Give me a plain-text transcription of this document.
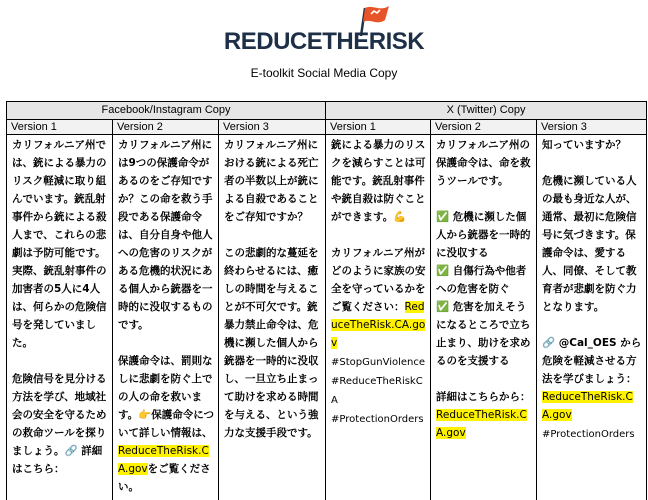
REDUCE THE RISK
E-toolkit Social Media Copy
Facebook/Instagram Copy			X (Twitter) Copy		
Version 1	Version 2	Version 3	Version 1	Version 2	Version 3
カリフォルニア州では、銃による暴力のリスク軽減に取り組んでいます。銃乱射事件から銃による殺人まで、これらの悲劇は予防可能です。実際、銃乱射事件の加害者の5人に4人は、何らかの危険信号を発していました。

危険信号を見分ける方法を学び、地域社会の安全を守るための救命ツールを探りましょう。🔗 詳細はこちら：	カリフォルニア州には9つの保護命令があるのをご存知ですか？この命を救う手段である保護命令は、自分自身や他人への危害のリスクがある危機的状況にある個人から銃器を一時的に没収するものです。

保護命令は、罰則なしに悲劇を防ぐ上での人の命を救います。👉保護命令について詳しい情報は、ReduceTheRisk.CA.govをご覧ください。	カリフォルニア州における銃による死亡者の半数以上が銃による自殺であることをご存知ですか？

この悲劇的な蔓延を終わらせるには、癒しの時間を与えることが不可欠です。銃暴力禁止命令は、危機に瀕した個人から銃器を一時的に没収し、一旦立ち止まって助けを求める時間を与える、という強力な支援手段です。	銃による暴力のリスクを減らすことは可能です。銃乱射事件や銃自殺は防ぐことができます。💪

カリフォルニア州がどのように家族の安全を守っているかをご覧ください：ReduceTheRisk.CA.gov
#StopGunViolence
#ReduceTheRiskCA
#ProtectionOrders	カリフォルニア州の保護命令は、命を救うツールです。

✅ 危機に瀕した個人から銃器を一時的に没収する
✅ 自傷行為や他者への危害を防ぐ
✅ 危害を加えそうになるところで立ち止まり、助けを求めるのを支援する

詳細はこちらから：ReduceTheRisk.CA.gov	知っていますか？

危機に瀕している人の最も身近な人が、通常、最初に危険信号に気づきます。保護命令は、愛する人、同僚、そして教育者が悲劇を防ぐ力となります。

🔗 @Cal_OES から危険を軽減させる方法を学びましょう：ReduceTheRisk.CA.gov
#ProtectionOrders
